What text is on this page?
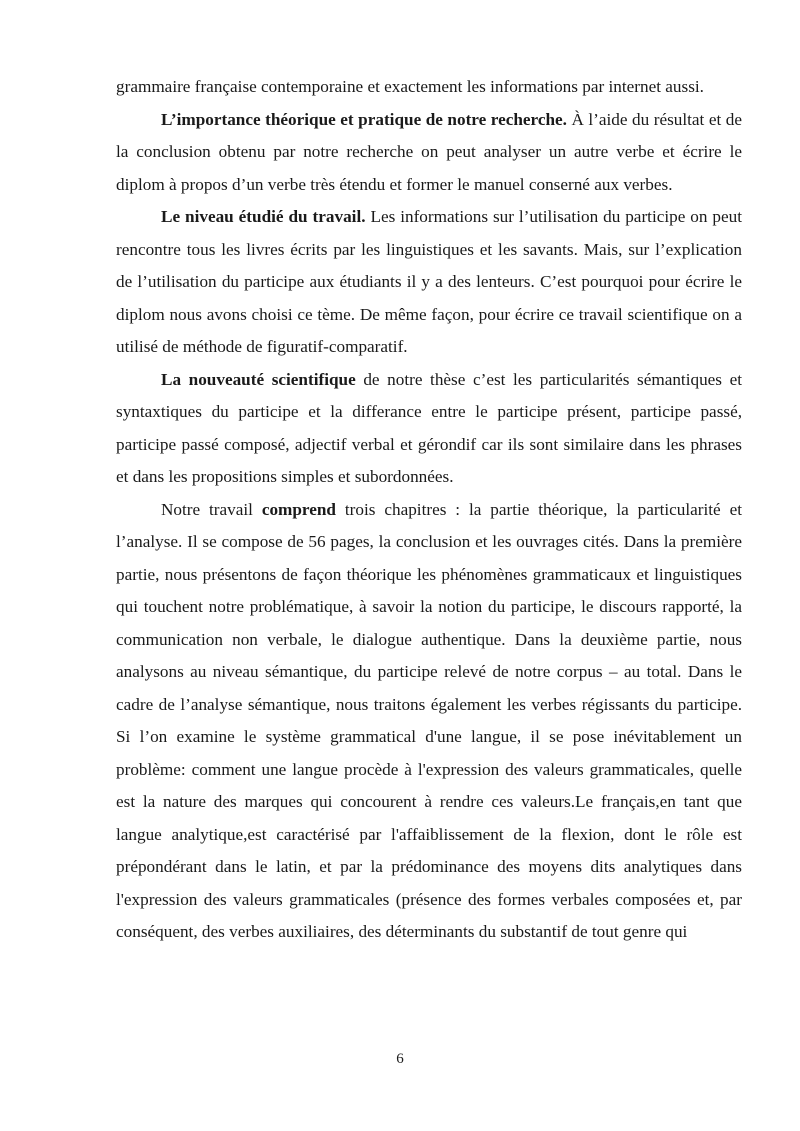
grammaire française contemporaine et exactement les informations par internet aussi.

L’importance théorique et pratique de notre recherche. À l’aide du résultat et de la conclusion obtenu par notre recherche on peut analyser un autre verbe et écrire le diplom à propos d’un verbe très étendu et former le manuel conserné aux verbes.

Le niveau étudié du travail. Les informations sur l’utilisation du participe on peut rencontre tous les livres écrits par les linguistiques et les savants. Mais, sur l’explication de l’utilisation du participe aux étudiants il y a des lenteurs. C’est pourquoi pour écrire le diplom nous avons choisi ce tème. De même façon, pour écrire ce travail scientifique on a utilisé de méthode de figuratif-comparatif.

La nouveauté scientifique de notre thèse c’est les particularités sémantiques et syntaxtiques du participe et la differance entre le participe présent, participe passé, participe passé composé, adjectif verbal et gérondif car ils sont similaire dans les phrases et dans les propositions simples et subordonnées.

Notre travail comprend trois chapitres : la partie théorique, la particularité et l’analyse. Il se compose de 56 pages, la conclusion et les ouvrages cités. Dans la première partie, nous présentons de façon théorique les phénomènes grammaticaux et linguistiques qui touchent notre problématique, à savoir la notion du participe, le discours rapporté, la communication non verbale, le dialogue authentique. Dans la deuxième partie, nous analysons au niveau sémantique, du participe relevé de notre corpus – au total. Dans le cadre de l’analyse sémantique, nous traitons également les verbes régissants du participe. Si l’on examine le système grammatical d'une langue, il se pose inévitablement un problème: comment une langue procède à l'expression des valeurs grammaticales, quelle est la nature des marques qui concourent à rendre ces valeurs.Le français,en tant que langue analytique,est caractérisé par l'affaiblissement de la flexion, dont le rôle est prépondérant dans le latin, et par la prédominance des moyens dits analytiques dans l'expression des valeurs grammaticales (présence des formes verbales composées et, par conséquent, des verbes auxiliaires, des déterminants du substantif de tout genre qui

6
